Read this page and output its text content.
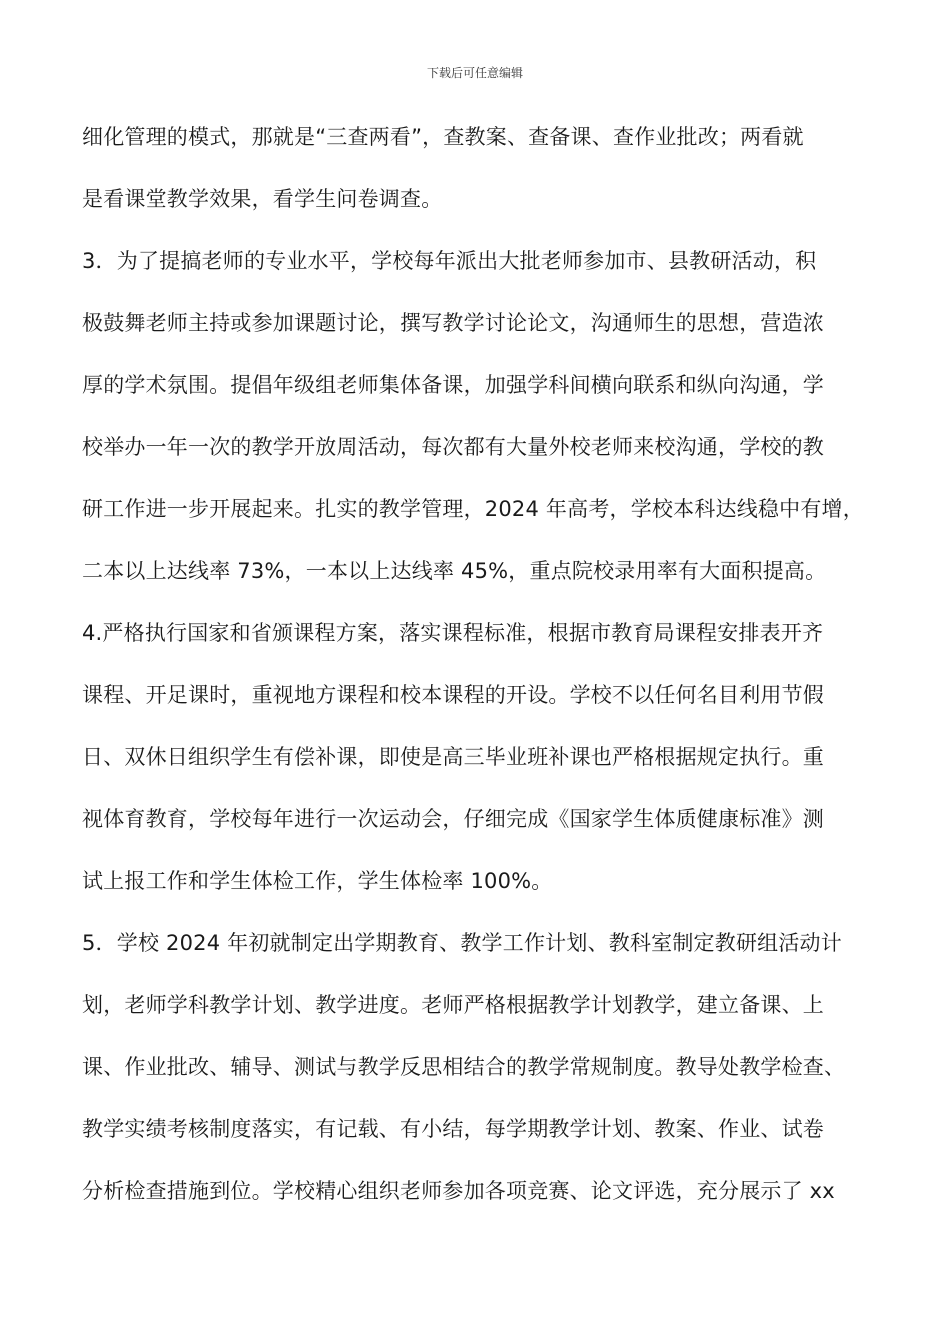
下载后可任意编辑
细化管理的模式，那就是“三查两看”，查教案、查备课、查作业批改；两看就
是看课堂教学效果，看学生问卷调查。
3．为了提搞老师的专业水平，学校每年派出大批老师参加市、县教研活动，积
极鼓舞老师主持或参加课题讨论，撰写教学讨论论文，沟通师生的思想，营造浓
厚的学术氛围。提倡年级组老师集体备课，加强学科间横向联系和纵向沟通，学
校举办一年一次的教学开放周活动，每次都有大量外校老师来校沟通，学校的教
研工作进一步开展起来。扎实的教学管理，2024 年高考，学校本科达线稳中有增，
二本以上达线率 73%，一本以上达线率 45%，重点院校录用率有大面积提高。
4.严格执行国家和省颁课程方案，落实课程标准，根据市教育局课程安排表开齐
课程、开足课时，重视地方课程和校本课程的开设。学校不以任何名目利用节假
日、双休日组织学生有偿补课，即使是高三毕业班补课也严格根据规定执行。重
视体育教育，学校每年进行一次运动会，仔细完成《国家学生体质健康标准》测
试上报工作和学生体检工作，学生体检率 100%。
5．学校 2024 年初就制定出学期教育、教学工作计划、教科室制定教研组活动计
划，老师学科教学计划、教学进度。老师严格根据教学计划教学，建立备课、上
课、作业批改、辅导、测试与教学反思相结合的教学常规制度。教导处教学检查、
教学实绩考核制度落实，有记载、有小结，每学期教学计划、教案、作业、试卷
分析检查措施到位。学校精心组织老师参加各项竞赛、论文评选，充分展示了 xx
